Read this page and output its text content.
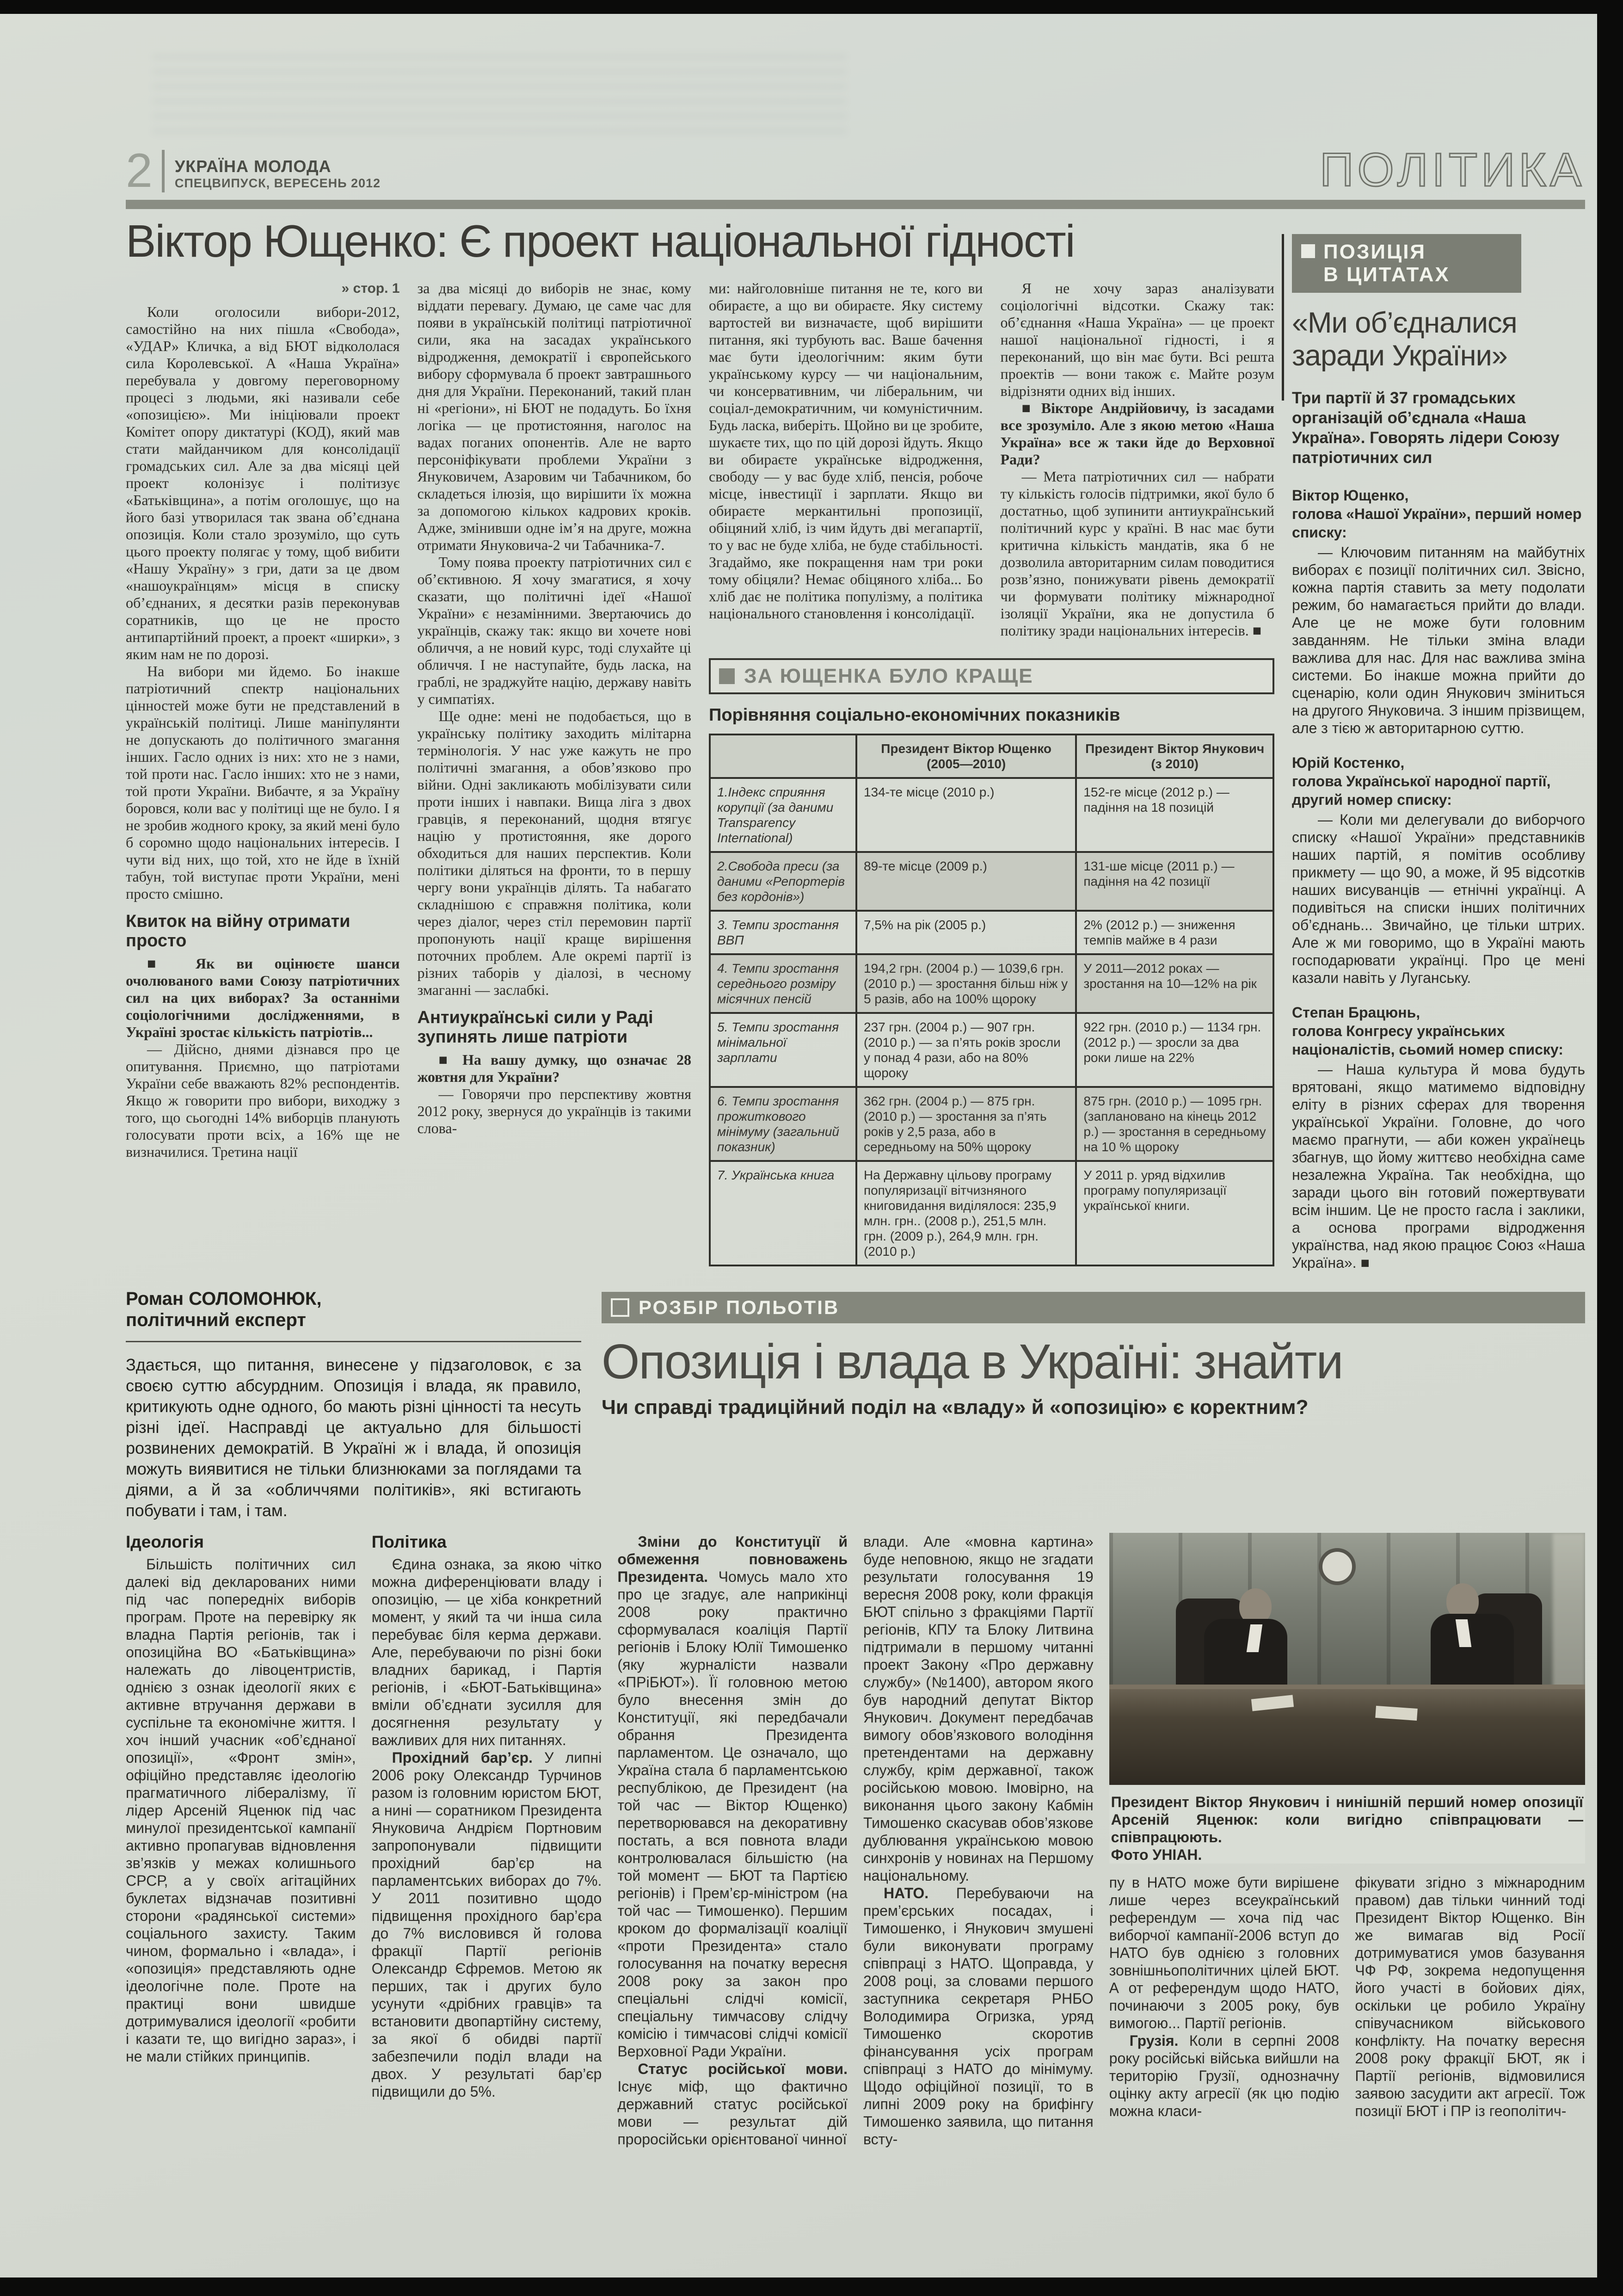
2	УКРАЇНА МОЛОДА
СПЕЦВИПУСК, ВЕРЕСЕНЬ 2012	ПОЛІТИКА
Віктор Ющенко: Є проект національної гідності
» стор. 1

Коли оголосили вибори-2012, самостійно на них пішла «Свобода», «УДАР» Кличка, а від БЮТ відкололася сила Королевської. А «Наша Україна» перебувала у довгому переговорному процесі з людьми, які називали себе «опозицією». Ми ініціювали проект Комітет опору диктатурі (КОД), який мав стати майданчиком для консолідації громадських сил. Але за два місяці цей проект колонізує і політизує «Батьківщина», а потім оголошує, що на його базі утворилася так звана об’єднана опозиція. Коли стало зрозуміло, що суть цього проекту полягає у тому, щоб вибити «Нашу Україну» з гри, дати за це двом «нашоукраїнцям» місця в списку об’єднаних, я десятки разів переконував соратників, що це не просто антипартійний проект, а проект «ширки», з яким нам не по дорозі.

На вибори ми йдемо. Бо інакше патріотичний спектр національних цінностей може бути не представлений в українській політиці. Лише маніпулянти не допускають до політичного змагання інших. Гасло одних із них: хто не з нами, той проти нас. Гасло інших: хто не з нами, той проти України. Вибачте, я за Україну боровся, коли вас у політиці ще не було. І я не зробив жодного кроку, за який мені було б соромно щодо національних інтересів. І чути від них, що той, хто не йде в їхній табун, той виступає проти України, мені просто смішно.

Квиток на війну отримати просто

■ Як ви оцінюєте шанси очолюваного вами Союзу патріотичних сил на цих виборах? За останніми соціологічними дослідженнями, в Україні зростає кількість патріотів...

— Дійсно, днями дізнався про це опитування. Приємно, що патріотами України себе вважають 82% респондентів. Якщо ж говорити про вибори, виходжу з того, що сьогодні 14% виборців планують голосувати проти всіх, а 16% ще не визначилися. Третина нації

за два місяці до виборів не знає, кому віддати перевагу. Думаю, це саме час для появи в українській політиці патріотичної сили, яка на засадах українського відродження, демократії і європейського вибору сформувала б проект завтрашнього дня для України. Переконаний, такий план ні «регіони», ні БЮТ не подадуть. Бо їхня логіка — це протистояння, наголос на вадах поганих опонентів. Але не варто персоніфікувати проблеми України з Януковичем, Азаровим чи Табачником, бо складеться ілюзія, що вирішити їх можна за допомогою кількох кадрових кроків. Адже, змінивши одне ім’я на друге, можна отримати Януковича-2 чи Табачника-7.

Тому поява проекту патріотичних сил є об’єктивною. Я хочу змагатися, я хочу сказати, що політичні ідеї «Нашої України» є незамінними. Звертаючись до українців, скажу так: якщо ви хочете нові обличчя, а не новий курс, тоді слухайте ці обличчя. І не наступайте, будь ласка, на граблі, не зраджуйте націю, державу навіть у симпатіях.

Ще одне: мені не подобається, що в українську політику заходить мілітарна термінологія. У нас уже кажуть не про політичні змагання, а обов’язково про війни. Одні закликають мобілізувати сили проти інших і навпаки. Вища ліга з двох гравців, я переконаний, щодня втягує націю у протистояння, яке дорого обходиться для наших перспектив. Коли політики діляться на фронти, то в першу чергу вони українців ділять. Та набагато складнішою є справжня політика, коли через діалог, через стіл перемовин партії пропонують нації краще вирішення поточних проблем. Але окремі партії із різних таборів у діалозі, в чесному змаганні — заслабкі.

Антиукраїнські сили у Раді зупинять лише патріоти

■ На вашу думку, що означає 28 жовтня для України?

— Говорячи про перспективу жовтня 2012 року, звернуся до українців із такими слова-

ми: найголовніше питання не те, кого ви обираєте, а що ви обираєте. Яку систему вартостей ви визначаєте, щоб вирішити питання, які турбують вас. Ваше бачення має бути ідеологічним: яким бути українському курсу — чи національним, чи консервативним, чи ліберальним, чи соціал-демократичним, чи комуністичним. Будь ласка, виберіть. Щойно ви це зробите, шукаєте тих, що по цій дорозі йдуть. Якщо ви обираєте українське відродження, свободу — у вас буде хліб, пенсія, робоче місце, інвестиції і зарплати. Якщо ви обираєте меркантильні пропозиції, обіцяний хліб, із чим йдуть дві мегапартії, то у вас не буде хліба, не буде стабільності. Згадаймо, яке покращення нам три роки тому обіцяли? Немає обіцяного хліба... Бо хліб дає не політика популізму, а політика національного становлення і консолідації.

Я не хочу зараз аналізувати соціологічні відсотки. Скажу так: об’єднання «Наша Україна» — це проект нашої національної гідності, і я переконаний, що він має бути. Всі решта проектів — вони також є. Майте розум відрізняти одних від інших.

■ Вікторе Андрійовичу, із засадами все зрозуміло. Але з якою метою «Наша Україна» все ж таки йде до Верховної Ради?

— Мета патріотичних сил — набрати ту кількість голосів підтримки, якої було б достатньо, щоб зупинити антиукраїнський політичний курс у країні. В нас має бути критична кількість мандатів, яка б не дозволила авторитарним силам поводитися розв’язно, понижувати рівень демократії чи формувати політику міжнародної ізоляції України, яка не допустила б політику зради національних інтересів. ■

ЗА ЮЩЕНКА БУЛО КРАЩЕ
Порівняння соціально-економічних показників
	Президент Віктор Ющенко (2005—2010)	Президент Віктор Янукович (з 2010)
1.Індекс сприяння корупції (за даними Transparency International)	134-те місце (2010 р.)	152-ге місце (2012 р.) — падіння на 18 позицій
2.Свобода преси (за даними «Репортерів без кордонів»)	89-те місце (2009 р.)	131-ше місце (2011 р.) — падіння на 42 позиції
3. Темпи зростання ВВП	7,5% на рік (2005 р.)	2% (2012 р.) — зниження темпів майже в 4 рази
4. Темпи зростання середнього розміру місячних пенсій	194,2 грн. (2004 р.) — 1039,6 грн. (2010 р.) — зростання більш ніж у 5 разів, або на 100% щороку	У 2011—2012 роках — зростання на 10—12% на рік
5. Темпи зростання мінімальної зарплати	237 грн. (2004 р.) — 907 грн. (2010 р.) — за п’ять років зросли у понад 4 рази, або на 80% щороку	922 грн. (2010 р.) — 1134 грн. (2012 р.) — зросли за два роки лише на 22%
6. Темпи зростання прожиткового мінімуму (загальний показник)	362 грн. (2004 р.) — 875 грн. (2010 р.) — зростання за п’ять років у 2,5 раза, або в середньому на 50% щороку	875 грн. (2010 р.) — 1095 грн. (заплановано на кінець 2012 р.) — зростання в середньому на 10 % щороку
7. Українська книга	На Державну цільову програму популяризації вітчизняного книговидання виділялося: 235,9 млн. грн.. (2008 р.), 251,5 млн. грн. (2009 р.), 264,9 млн. грн. (2010 р.)	У 2011 р. уряд відхилив програму популяризації української книги.
ПОЗИЦІЯ
В ЦИТАТАХ
«Ми об’єдналися заради України»

Три партії й 37 громадських організацій об’єднала «Наша Україна». Говорять лідери Союзу патріотичних сил

Віктор Ющенко,
голова «Нашої України», перший номер списку:

— Ключовим питанням на майбутніх виборах є позиції політичних сил. Звісно, кожна партія ставить за мету подолати режим, бо намагається прийти до влади. Але це не може бути головним завданням. Не тільки зміна влади важлива для нас. Для нас важлива зміна системи. Бо інакше можна прийти до сценарію, коли один Янукович зміниться на другого Януковича. З іншим прізвищем, але з тією ж авторитарною суттю.

Юрій Костенко,
голова Української народної партії, другий номер списку:

— Коли ми делегували до виборчого списку «Нашої України» представників наших партій, я помітив особливу прикмету — що 90, а може, й 95 відсотків наших висуванців — етнічні українці. А подивіться на списки інших політичних об’єднань... Звичайно, це тільки штрих. Але ж ми говоримо, що в Україні мають господарювати українці. Про це мені казали навіть у Луганську.

Степан Брацюнь,
голова Конгресу українських націоналістів, сьомий номер списку:

— Наша культура й мова будуть врятовані, якщо матимемо відповідну еліту в різних сферах для творення української України. Головне, до чого маємо прагнути, — аби кожен українець збагнув, що йому життєво необхідна саме незалежна Україна. Так необхідна, що заради цього він готовий пожертвувати всім іншим. Це не просто гасла і заклики, а основа програми відродження українства, над якою працює Союз «Наша Україна». ■

Роман СОЛОМОНЮК,

політичний експерт

Здається, що питання, винесене у підзаголовок, є за своєю суттю абсурдним. Опозиція і влада, як правило, критикують одне одного, бо мають різні цінності та несуть різні ідеї. Насправді це актуально для більшості розвинених демократій. В Україні ж і влада, й опозиція можуть виявитися не тільки близнюками за поглядами та діями, а й за «обличчями політиків», які встигають побувати і там, і там.

РОЗБІР ПОЛЬОТІВ
Опозиція і влада в Україні: знайти

Чи справді традиційний поділ на «владу» й «опозицію» є коректним?

Ідеологія

Більшість політичних сил далекі від декларованих ними під час попередніх виборів програм. Проте на перевірку як владна Партія регіонів, так і опозиційна ВО «Батьківщина» належать до лівоцентристів, однією з ознак ідеології яких є активне втручання держави в суспільне та економічне життя. І хоч інший учасник «об’єднаної опозиції», «Фронт змін», офіційно представляє ідеологію прагматичного лібералізму, її лідер Арсеній Яценюк під час минулої президентської кампанії активно пропагував відновлення зв’язків у межах колишнього СРСР, а у своїх агітаційних буклетах відзначав позитивні сторони «радянської системи» соціального захисту. Таким чином, формально і «влада», і «опозиція» представляють одне ідеологічне поле. Проте на практиці вони швидше дотримувалися ідеології «робити і казати те, що вигідно зараз», і не мали стійких принципів.

Політика

Єдина ознака, за якою чітко можна диференціювати владу і опозицію, — це хіба конкретний момент, у який та чи інша сила перебуває біля керма держави. Але, перебуваючи по різні боки владних барикад, і Партія регіонів, і «БЮТ-Батьківщина» вміли об’єднати зусилля для досягнення результату у важливих для них питаннях.

Прохідний бар’єр. У липні 2006 року Олександр Турчинов разом із головним юристом БЮТ, а нині — соратником Президента Януковича Андрієм Портновим запропонували підвищити прохідний бар’єр на парламентських виборах до 7%. У 2011 позитивно щодо підвищення прохідного бар’єра до 7% висловився й голова фракції Партії регіонів Олександр Єфремов. Метою як перших, так і других було усунути «дрібних гравців» та встановити двопартійну систему, за якої б обидві партії забезпечили поділ влади на двох. У результаті бар’єр підвищили до 5%.

Зміни до Конституції й обмеження повноважень Президента. Чомусь мало хто про це згадує, але наприкінці 2008 року практично сформувалася коаліція Партії регіонів і Блоку Юлії Тимошенко (яку журналісти назвали «ПРіБЮТ»). Її головною метою було внесення змін до Конституції, які передбачали обрання Президента парламентом. Це означало, що Україна стала б парламентською республікою, де Президент (на той час — Віктор Ющенко) перетворювався на декоративну постать, а вся повнота влади контролювалася більшістю (на той момент — БЮТ та Партією регіонів) і Прем’єр-міністром (на той час — Тимошенко). Першим кроком до формалізації коаліції «проти Президента» стало голосування на початку вересня 2008 року за закон про спеціальні слідчі комісії, спеціальну тимчасову слідчу комісію і тимчасові слідчі комісії Верховної Ради України.

Статус російської мови. Існує міф, що фактично державний статус російської мови — результат дій проросійськи орієнтованої чинної

влади. Але «мовна картина» буде неповною, якщо не згадати результати голосування 19 вересня 2008 року, коли фракція БЮТ спільно з фракціями Партії регіонів, КПУ та Блоку Литвина підтримали в першому читанні проект Закону «Про державну службу» (№1400), автором якого був народний депутат Віктор Янукович. Документ передбачав вимогу обов’язкового володіння претендентами на державну службу, крім державної, також російською мовою. Імовірно, на виконання цього закону Кабмін Тимошенко скасував обов’язкове дублювання українською мовою синхронів у новинах на Першому національному.

НАТО. Перебуваючи на прем’єрських посадах, і Тимошенко, і Янукович змушені були виконувати програму співпраці з НАТО. Щоправда, у 2008 році, за словами першого заступника секретаря РНБО Володимира Огризка, уряд Тимошенко скоротив фінансування усіх програм співпраці з НАТО до мінімуму. Щодо офіційної позиції, то в липні 2009 року на брифінгу Тимошенко заявила, що питання всту-

Президент Віктор Янукович і нинішній перший номер опозиції Арсеній Яценюк: коли вигідно співпрацювати — співпрацюють.

Фото УНІАН.

пу в НАТО може бути вирішене лише через всеукраїнський референдум — хоча під час виборчої кампанії-2006 вступ до НАТО був однією з головних зовнішньополітичних цілей БЮТ. А от референдум щодо НАТО, починаючи з 2005 року, був вимогою... Партії регіонів.

Грузія. Коли в серпні 2008 року російські війська вийшли на територію Грузії, однозначну оцінку акту агресії (як цю подію можна класи-

фікувати згідно з міжнародним правом) дав тільки чинний тоді Президент Віктор Ющенко. Він же вимагав від Росії дотримуватися умов базування ЧФ РФ, зокрема недопущення його участі в бойових діях, оскільки це робило Україну співучасником військового конфлікту. На початку вересня 2008 року фракції БЮТ, як і Партії регіонів, відмовилися заявою засудити акт агресії. Тож позиції БЮТ і ПР із геополітич-
